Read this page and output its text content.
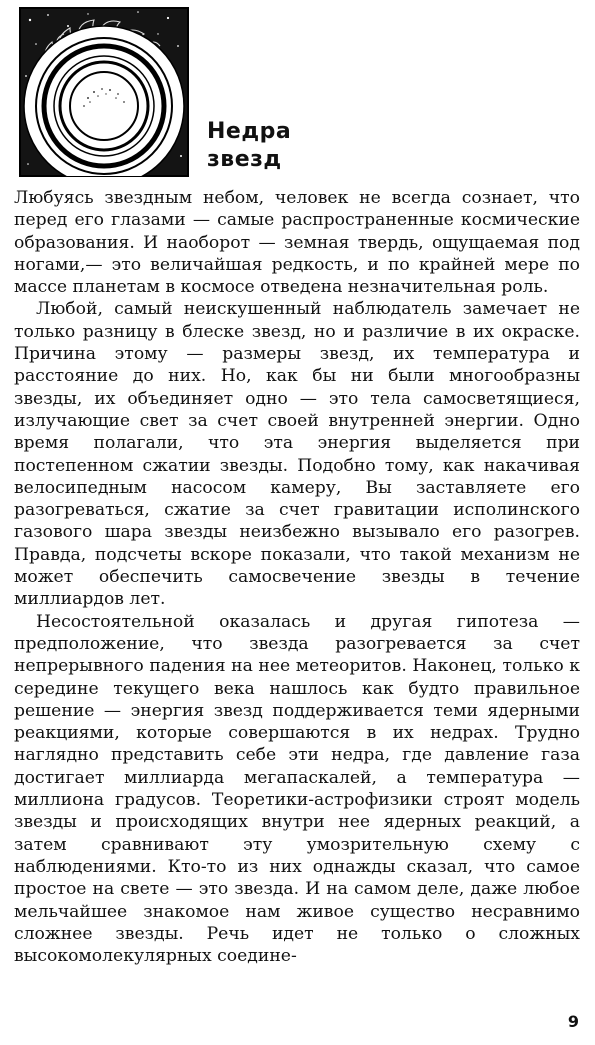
Недра
звезд

Любуясь звездным небом, человек не всегда сознает, что перед его глазами — самые распространенные космические образования. И наоборот — земная твердь, ощущаемая под ногами,— это величайшая редкость, и по крайней мере по массе планетам в космосе отведена незначительная роль.

Любой, самый неискушенный наблюдатель замечает не только разницу в блеске звезд, но и различие в их окраске. Причина этому — размеры звезд, их температура и расстояние до них. Но, как бы ни были многообразны звезды, их объединяет одно — это тела самосветящиеся, излучающие свет за счет своей внутренней энергии. Одно время полагали, что эта энергия выделяется при постепенном сжатии звезды. Подобно тому, как накачивая велосипедным насосом камеру, Вы заставляете его разогреваться, сжатие за счет гравитации исполинского газового шара звезды неизбежно вызывало его разогрев. Правда, подсчеты вскоре показали, что такой механизм не может обеспечить самосвечение звезды в течение миллиардов лет.

Несостоятельной оказалась и другая гипотеза — предположение, что звезда разогревается за счет непрерывного падения на нее метеоритов. Наконец, только к середине текущего века нашлось как будто правильное решение — энергия звезд поддерживается теми ядерными реакциями, которые совершаются в их недрах. Трудно наглядно представить себе эти недра, где давление газа достигает миллиарда мегапаскалей, а температура — миллиона градусов. Теоретики-астрофизики строят модель звезды и происходящих внутри нее ядерных реакций, а затем сравнивают эту умозрительную схему с наблюдениями. Кто-то из них однажды сказал, что самое простое на свете — это звезда. И на самом деле, даже любое мельчайшее знакомое нам живое существо несравнимо сложнее звезды. Речь идет не только о сложных высокомолекулярных соедине-

9
